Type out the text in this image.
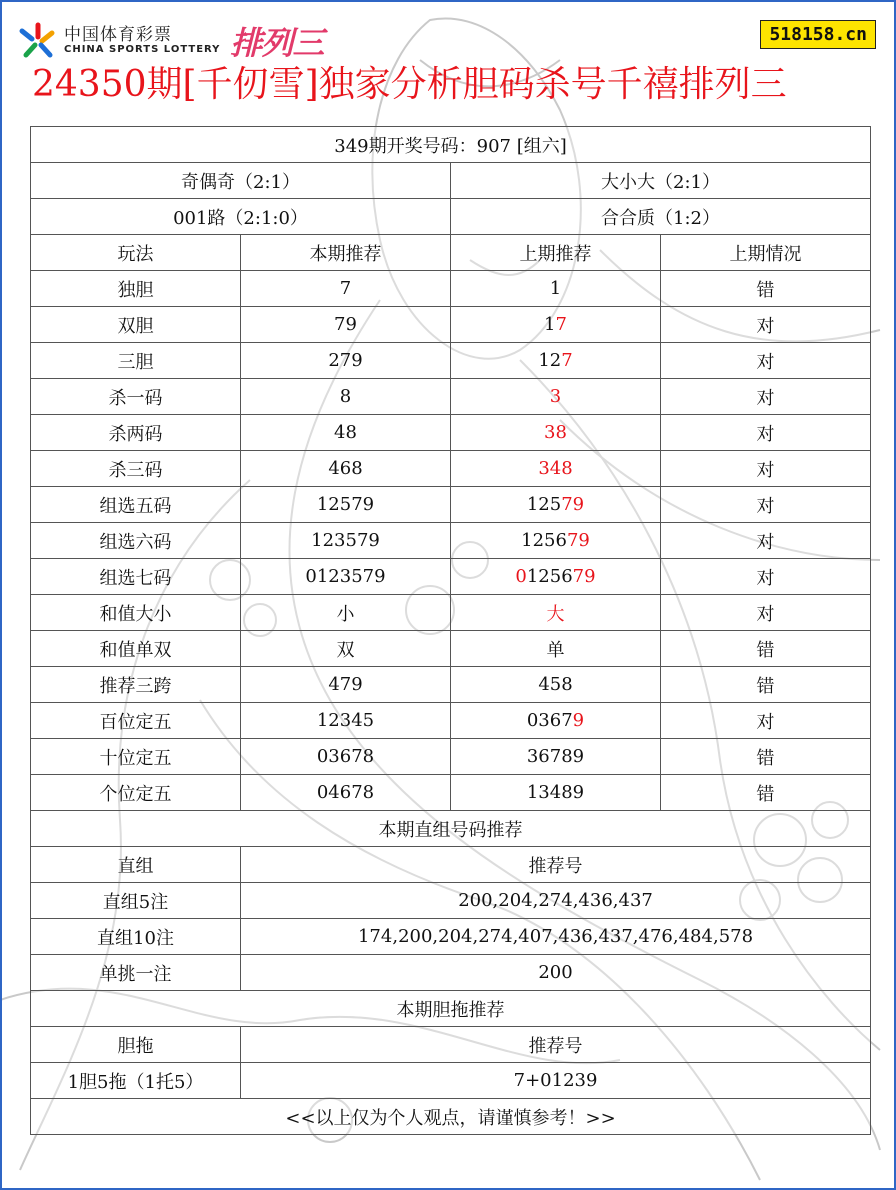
中国体育彩票
CHINA SPORTS LOTTERY 排列三	518158.cn
24350期[千仞雪]独家分析胆码杀号千禧排列三
349期开奖号码：907 [组六]			
奇偶奇（2:1）		大小大（2:1）	
001路（2:1:0）		合合质（1:2）	
玩法	本期推荐	上期推荐	上期情况
独胆	7	1	错
双胆	79	17	对
三胆	279	127	对
杀一码	8	3	对
杀两码	48	38	对
杀三码	468	348	对
组选五码	12579	12579	对
组选六码	123579	125679	对
组选七码	0123579	0125679	对
和值大小	小	大	对
和值单双	双	单	错
推荐三跨	479	458	错
百位定五	12345	03679	对
十位定五	03678	36789	错
个位定五	04678	13489	错
本期直组号码推荐			
直组	推荐号		
直组5注	200,204,274,436,437		
直组10注	174,200,204,274,407,436,437,476,484,578		
单挑一注	200		
本期胆拖推荐			
胆拖	推荐号		
1胆5拖（1托5）	7+01239		
<<以上仅为个人观点，请谨慎参考！>>			
